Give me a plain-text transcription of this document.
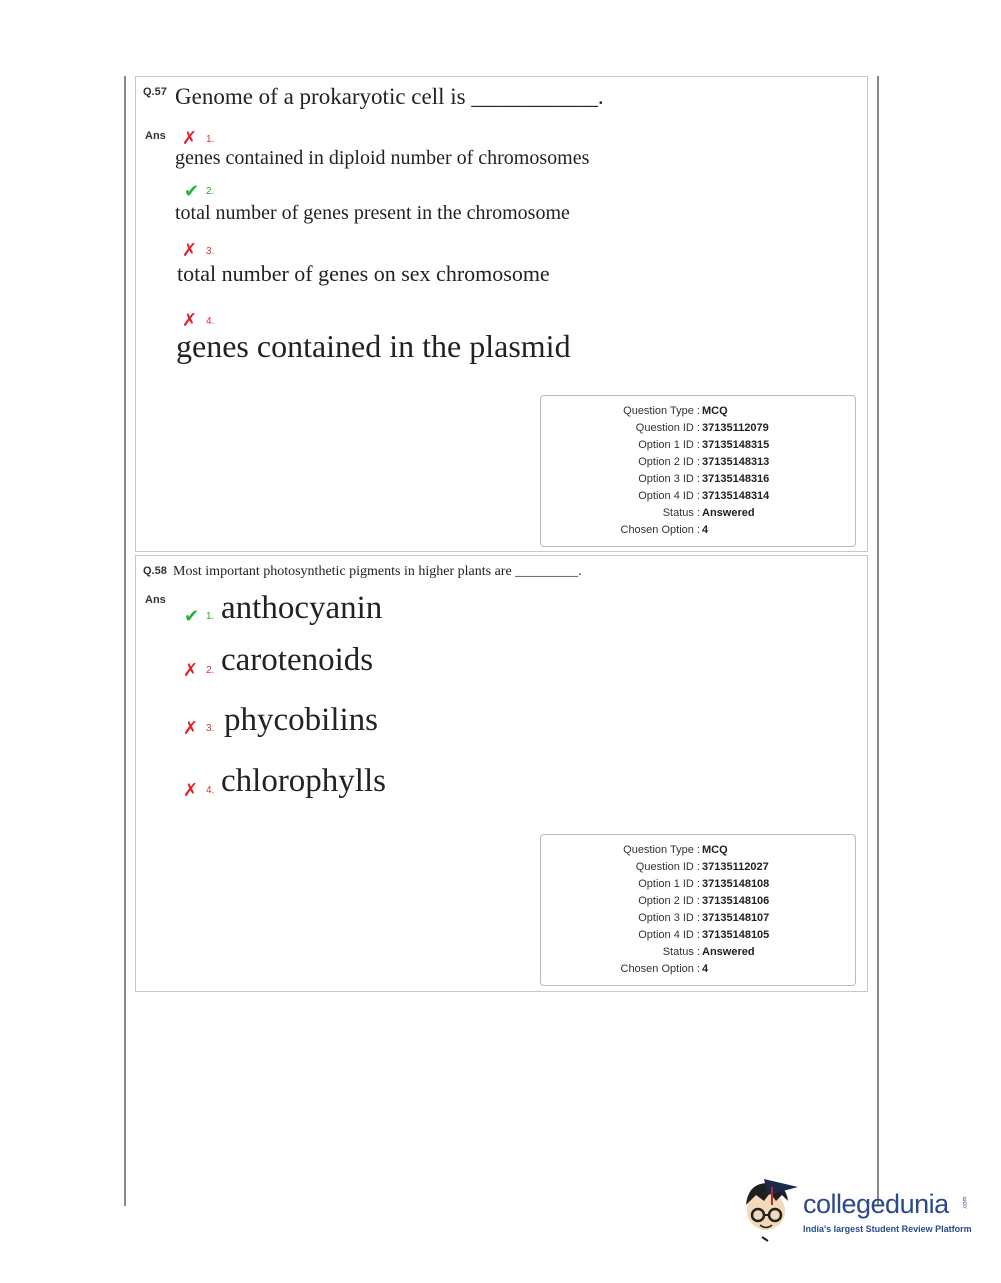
Q.57 Genome of a prokaryotic cell is ___________.
Ans ✗ 1.
genes contained in diploid number of chromosomes
✔ 2.
total number of genes present in the chromosome
✗ 3.
total number of genes on sex chromosome
✗ 4.
genes contained in the plasmid
Question Type : MCQ
Question ID : 37135112079
Option 1 ID : 37135148315
Option 2 ID : 37135148313
Option 3 ID : 37135148316
Option 4 ID : 37135148314
Status : Answered
Chosen Option : 4
Q.58 Most important photosynthetic pigments in higher plants are _________.
Ans
✔ 1. anthocyanin
✗ 2. carotenoids
✗ 3. phycobilins
✗ 4. chlorophylls
Question Type : MCQ
Question ID : 37135112027
Option 1 ID : 37135148108
Option 2 ID : 37135148106
Option 3 ID : 37135148107
Option 4 ID : 37135148105
Status : Answered
Chosen Option : 4
collegedunia .com
India's largest Student Review Platform
